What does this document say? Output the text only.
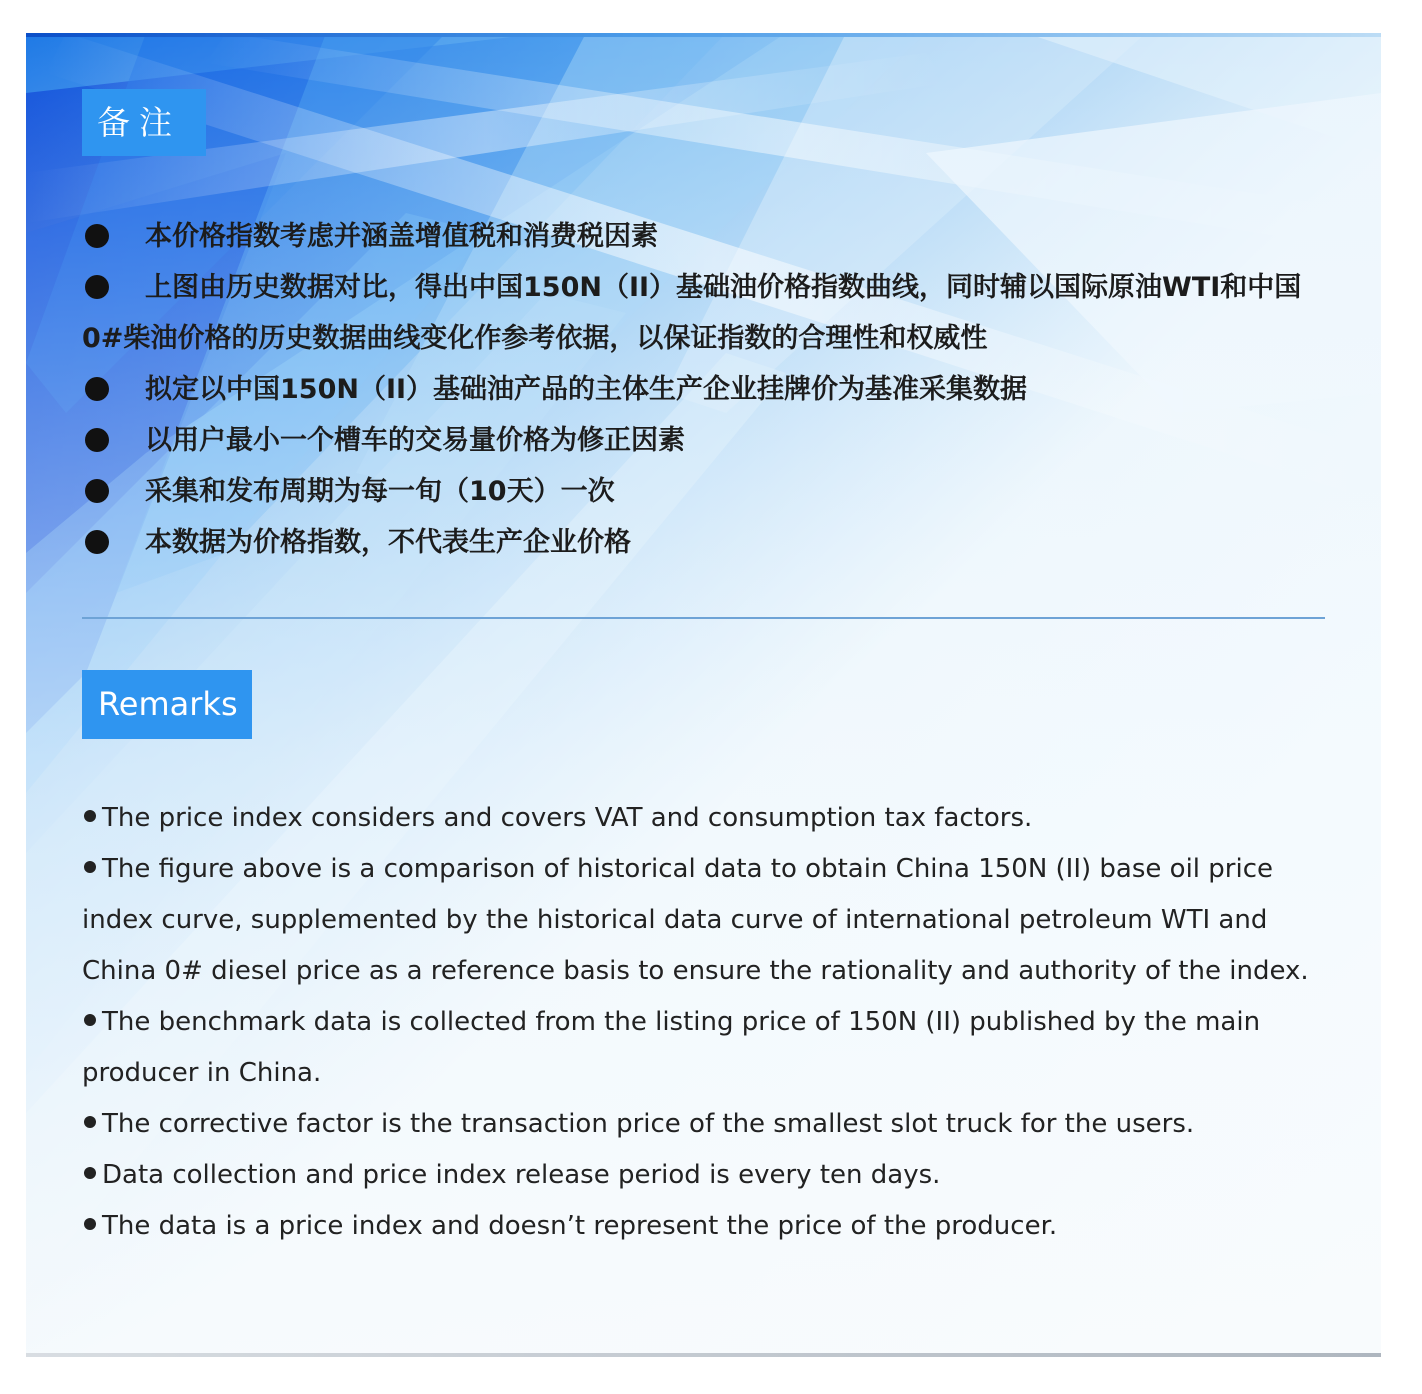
备注
本价格指数考虑并涵盖增值税和消费税因素
上图由历史数据对比，得出中国150N（II）基础油价格指数曲线，同时辅以国际原油WTI和中国0#柴油价格的历史数据曲线变化作参考依据，以保证指数的合理性和权威性
拟定以中国150N（II）基础油产品的主体生产企业挂牌价为基准采集数据
以用户最小一个槽车的交易量价格为修正因素
采集和发布周期为每一旬（10天）一次
本数据为价格指数，不代表生产企业价格
Remarks
The price index considers and covers VAT and consumption tax factors.
The figure above is a comparison of historical data to obtain China 150N (II) base oil price index curve, supplemented by the historical data curve of international petroleum WTI and China 0# diesel price as a reference basis to ensure the rationality and authority of the index.
The benchmark data is collected from the listing price of 150N (II) published by the main producer in China.
The corrective factor is the transaction price of the smallest slot truck for the users.
Data collection and price index release period is every ten days.
The data is a price index and doesn’t represent the price of the producer.
